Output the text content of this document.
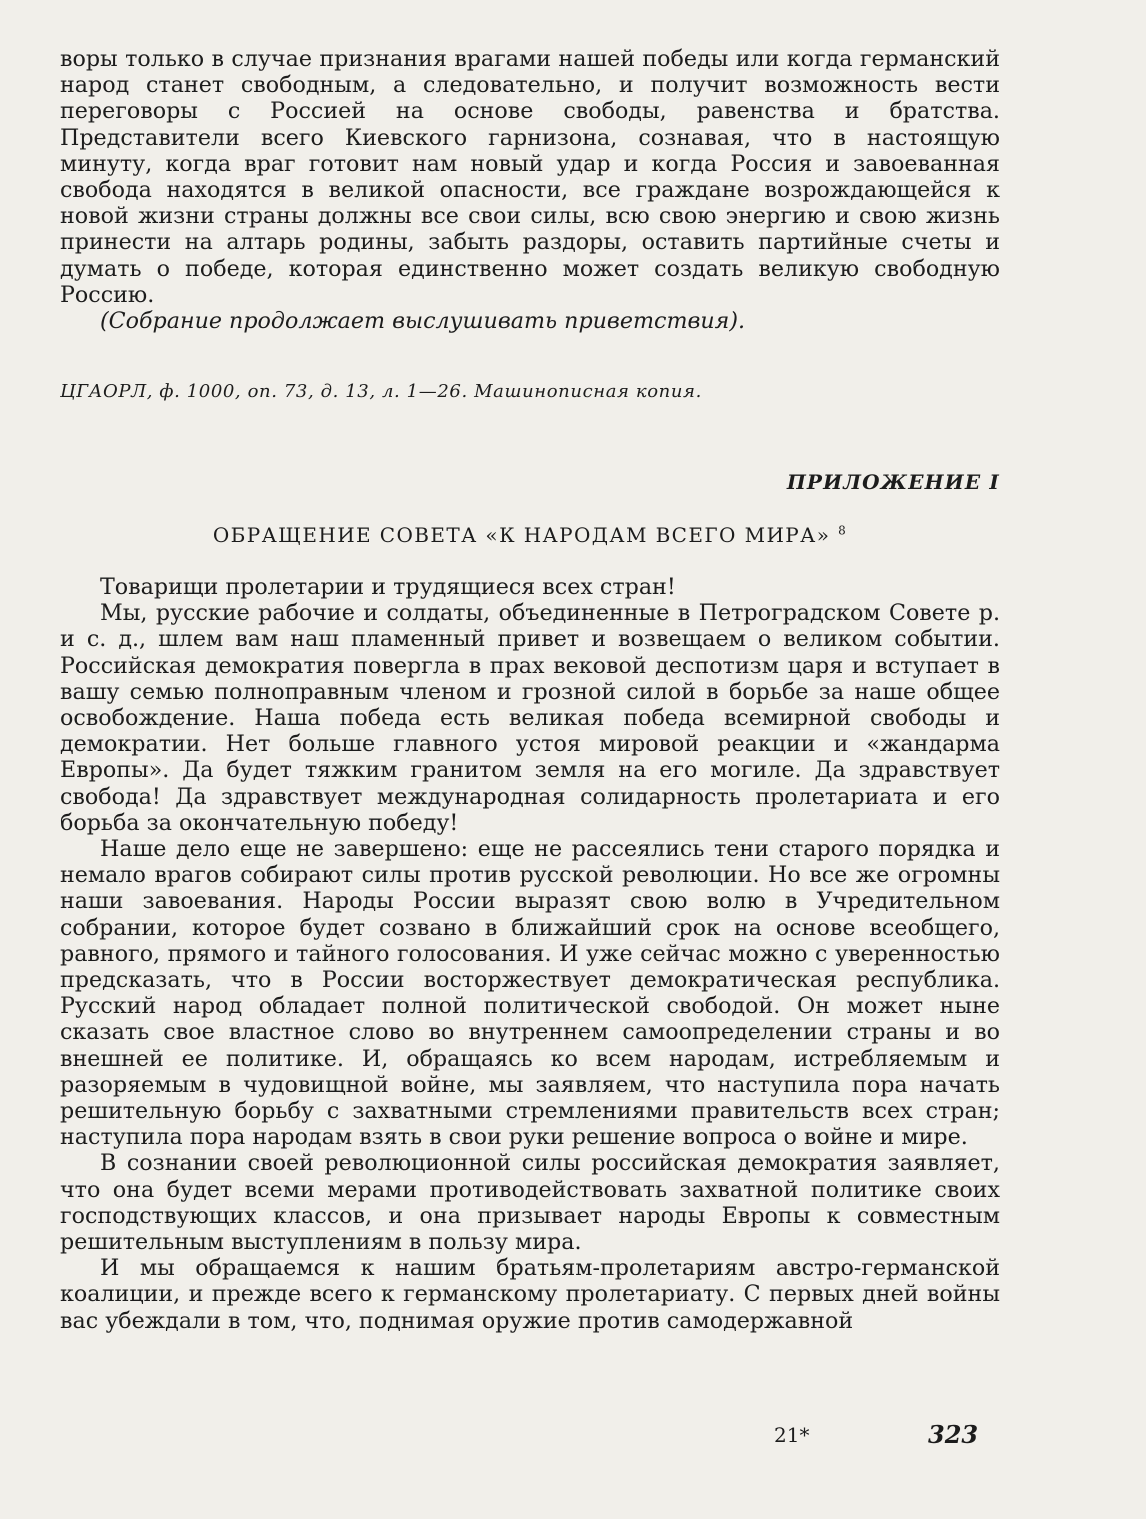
воры только в случае признания врагами нашей победы или когда германский народ станет свободным, а следовательно, и получит возможность вести переговоры с Россией на основе свободы, равенства и братства. Представители всего Киевского гарнизона, сознавая, что в настоящую минуту, когда враг готовит нам новый удар и когда Россия и завоеванная свобода находятся в великой опасности, все граждане возрождающейся к новой жизни страны должны все свои силы, всю свою энергию и свою жизнь принести на алтарь родины, забыть раздоры, оставить партийные счеты и думать о победе, которая единственно может создать великую свободную Россию.

(Собрание продолжает выслушивать приветствия).

ЦГАОРЛ, ф. 1000, оп. 73, д. 13, л. 1—26. Машинописная копия.
ПРИЛОЖЕНИЕ I
ОБРАЩЕНИЕ СОВЕТА «К НАРОДАМ ВСЕГО МИРА» $^8$

Товарищи пролетарии и трудящиеся всех стран!

Мы, русские рабочие и солдаты, объединенные в Петроградском Совете р. и с. д., шлем вам наш пламенный привет и возвещаем о великом событии. Российская демократия повергла в прах вековой деспотизм царя и вступает в вашу семью полноправным членом и грозной силой в борьбе за наше общее освобождение. Наша победа есть великая победа всемирной свободы и демократии. Нет больше главного устоя мировой реакции и «жандарма Европы». Да будет тяжким гранитом земля на его могиле. Да здравствует свобода! Да здравствует международная солидарность пролетариата и его борьба за окончательную победу!

Наше дело еще не завершено: еще не рассеялись тени старого порядка и немало врагов собирают силы против русской революции. Но все же огромны наши завоевания. Народы России выразят свою волю в Учредительном собрании, которое будет созвано в ближайший срок на основе всеобщего, равного, прямого и тайного голосования. И уже сейчас можно с уверенностью предсказать, что в России восторжествует демократическая республика. Русский народ обладает полной политической свободой. Он может ныне сказать свое властное слово во внутреннем самоопределении страны и во внешней ее политике. И, обращаясь ко всем народам, истребляемым и разоряемым в чудовищной войне, мы заявляем, что наступила пора начать решительную борьбу с захватными стремлениями правительств всех стран; наступила пора народам взять в свои руки решение вопроса о войне и мире.

В сознании своей революционной силы российская демократия заявляет, что она будет всеми мерами противодействовать захватной политике своих господствующих классов, и она призывает народы Европы к совместным решительным выступлениям в пользу мира.

И мы обращаемся к нашим братьям-пролетариям австро-германской коалиции, и прежде всего к германскому пролетариату. С первых дней войны вас убеждали в том, что, поднимая оружие против самодержавной

21*	323
